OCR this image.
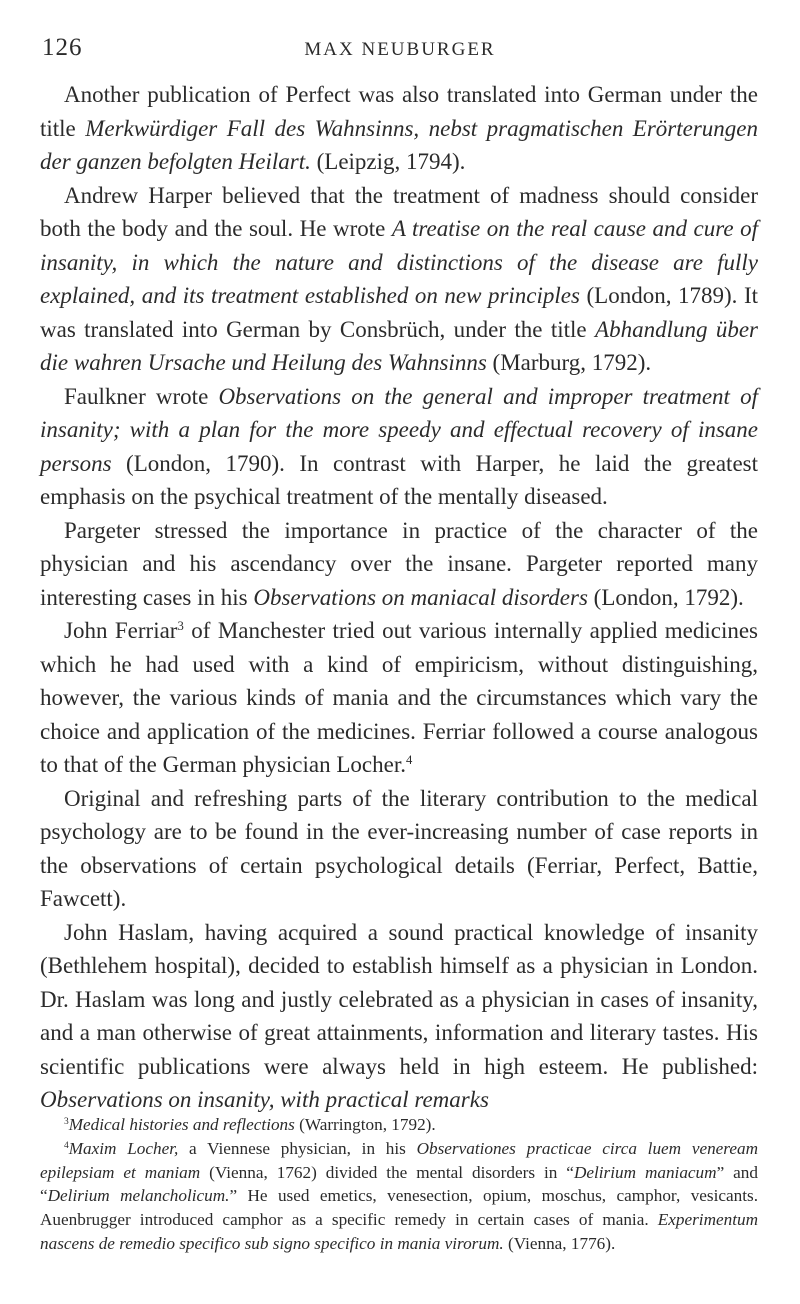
126	MAX NEUBURGER

Another publication of Perfect was also translated into German under the title Merkwürdiger Fall des Wahnsinns, nebst pragmatischen Erörterungen der ganzen befolgten Heilart. (Leipzig, 1794).

Andrew Harper believed that the treatment of madness should consider both the body and the soul. He wrote A treatise on the real cause and cure of insanity, in which the nature and distinctions of the disease are fully explained, and its treatment established on new principles (London, 1789). It was translated into German by Consbrüch, under the title Abhandlung über die wahren Ursache und Heilung des Wahnsinns (Marburg, 1792).

Faulkner wrote Observations on the general and improper treatment of insanity; with a plan for the more speedy and effectual recovery of insane persons (London, 1790). In contrast with Harper, he laid the greatest emphasis on the psychical treatment of the mentally diseased.

Pargeter stressed the importance in practice of the character of the physician and his ascendancy over the insane. Pargeter reported many interesting cases in his Observations on maniacal disorders (London, 1792).

John Ferriar$^3$ of Manchester tried out various internally applied medicines which he had used with a kind of empiricism, without distinguishing, however, the various kinds of mania and the circumstances which vary the choice and application of the medicines. Ferriar followed a course analogous to that of the German physician Locher.$^4$

Original and refreshing parts of the literary contribution to the medical psychology are to be found in the ever-increasing number of case reports in the observations of certain psychological details (Ferriar, Perfect, Battie, Fawcett).

John Haslam, having acquired a sound practical knowledge of insanity (Bethlehem hospital), decided to establish himself as a physician in London. Dr. Haslam was long and justly celebrated as a physician in cases of insanity, and a man otherwise of great attainments, information and literary tastes. His scientific publications were always held in high esteem. He published: Observations on insanity, with practical remarks

$^3$Medical histories and reflections (Warrington, 1792).

$^4$Maxim Locher, a Viennese physician, in his Observationes practicae circa luem veneream epilepsiam et maniam (Vienna, 1762) divided the mental disorders in “Delirium maniacum” and “Delirium melancholicum.” He used emetics, venesection, opium, moschus, camphor, vesicants. Auenbrugger introduced camphor as a specific remedy in certain cases of mania. Experimentum nascens de remedio specifico sub signo specifico in mania virorum. (Vienna, 1776).
